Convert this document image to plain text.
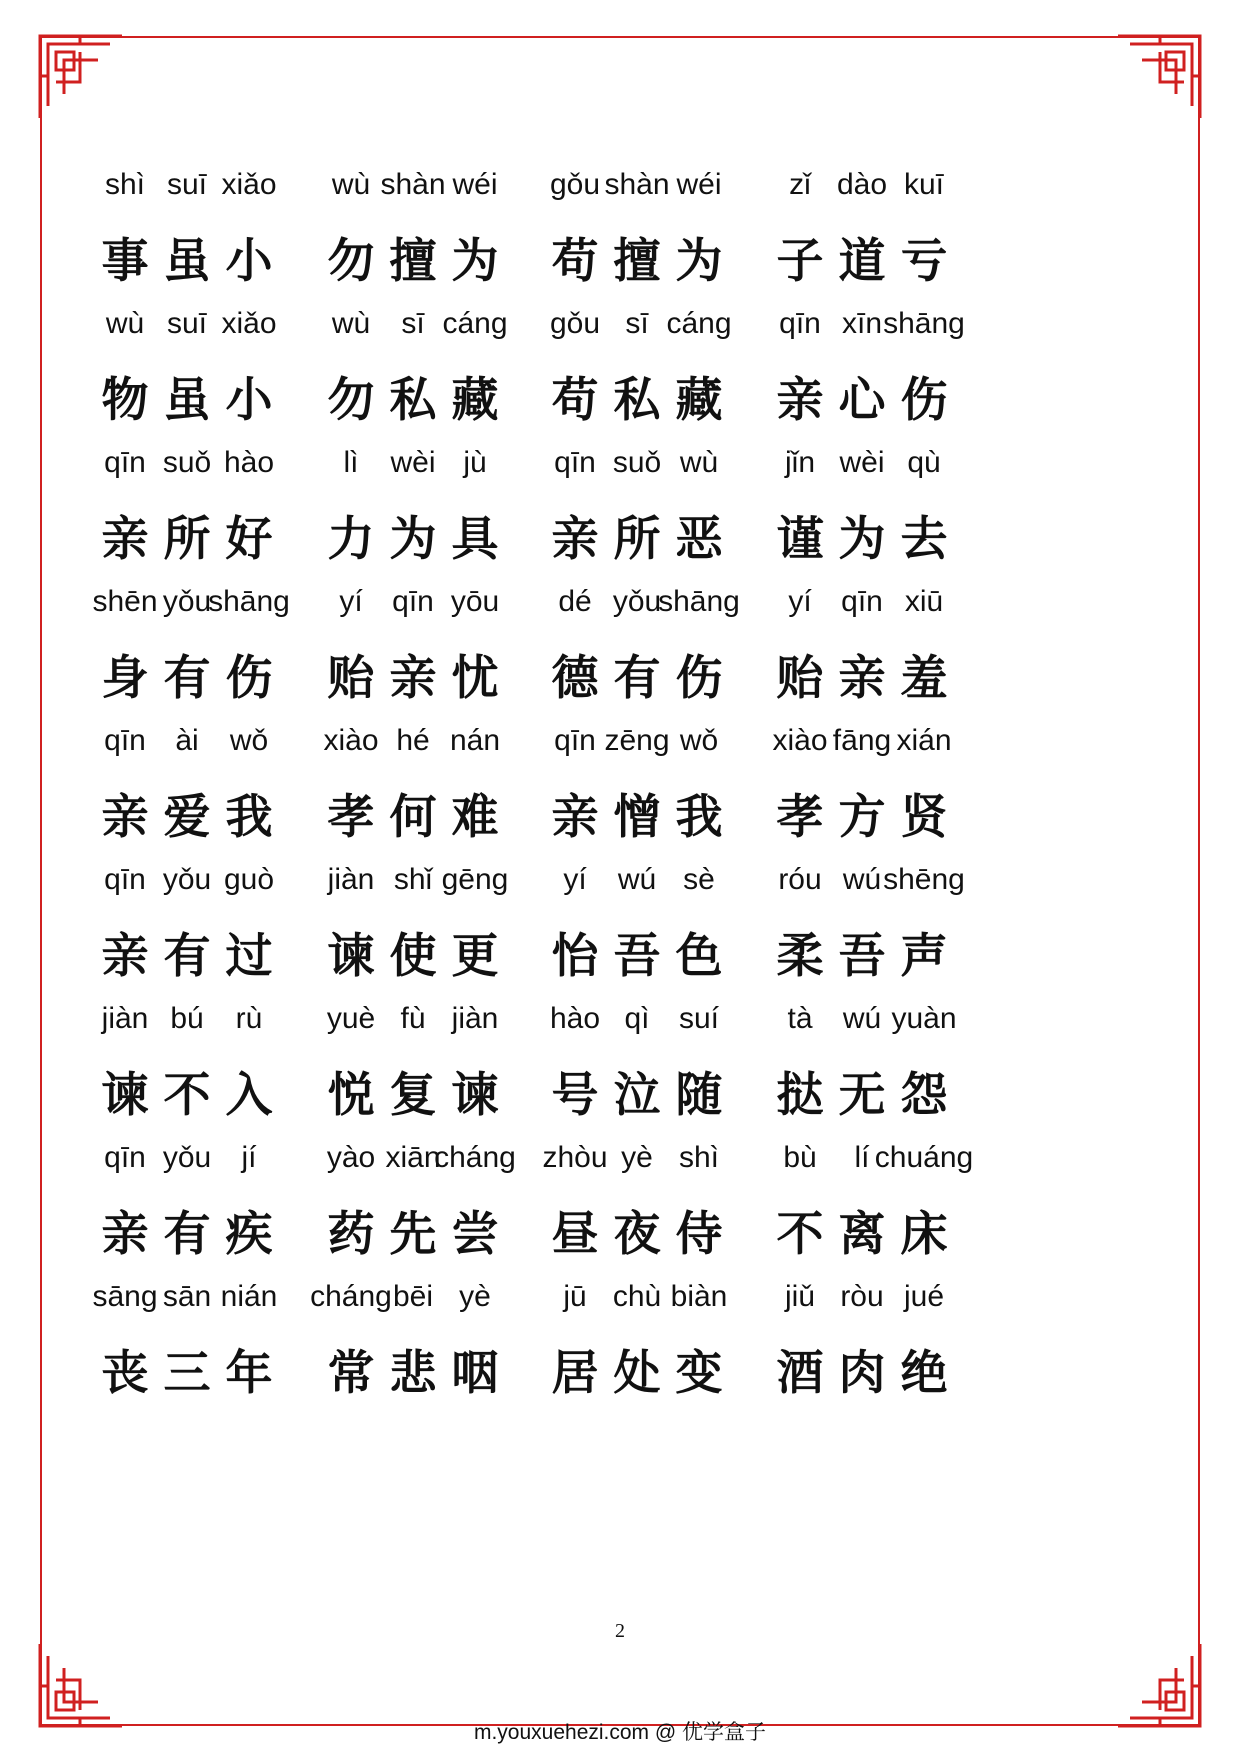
shì suī xiǎo
事 虽 小
wù shàn wéi
勿 擅 为
gǒu shàn wéi
苟 擅 为
zǐ dào kuī
子 道 亏
wù suī xiǎo
物 虽 小
wù sī cáng
勿 私 藏
gǒu sī cáng
苟 私 藏
qīn xīn shāng
亲 心 伤
qīn suǒ hào
亲 所 好
lì wèi jù
力 为 具
qīn suǒ wù
亲 所 恶
jǐn wèi qù
谨 为 去
shēn yǒu
shāng
身 有 伤
yí qīn yōu
贻 亲 忧
dé yǒu
shāng
德 有 伤
yí qīn xiū
贻 亲 羞
qīn ài wǒ
亲 爱 我
xiào hé nán
孝 何 难
qīn zēng wǒ
亲 憎 我
xiào fāng xián
孝 方 贤
qīn yǒu guò
亲 有 过
jiàn shǐ gēng
谏 使 更
yí wú sè
怡 吾 色
róu wú shēng
柔 吾 声
jiàn bú rù
谏 不 入
yuè fù jiàn
悦 复 谏
hào qì suí
号 泣 随
tà wú yuàn
挞 无 怨
qīn yǒu jí
亲 有 疾
yào xiān
cháng
药 先 尝
zhòu yè shì
昼 夜 侍
bù lí chuáng
不 离 床
sāng sān nián
丧 三 年
cháng bēi yè
常 悲 咽
jū chù biàn
居 处 变
jiǔ ròu jué
酒 肉 绝
2
m.youxuehezi.com @ 优学盒子
